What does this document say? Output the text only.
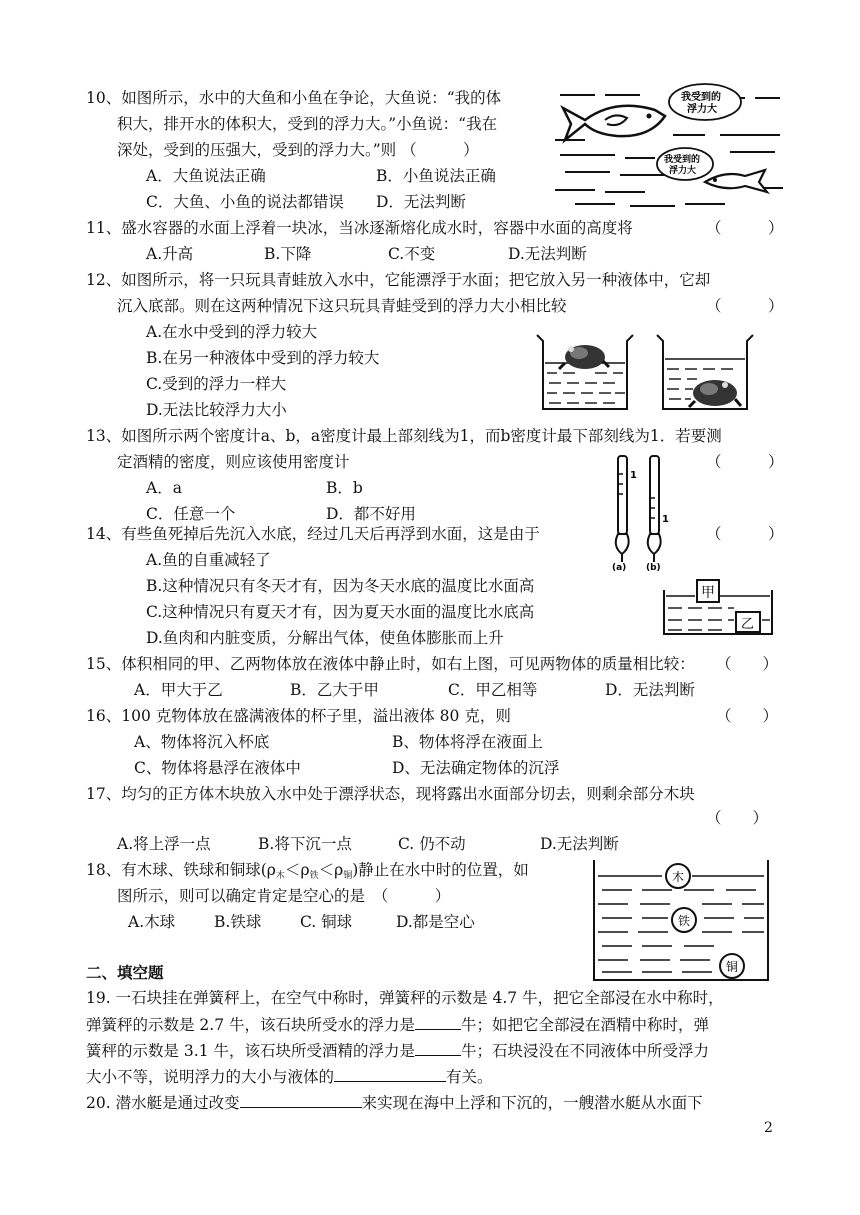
10、如图所示，水中的大鱼和小鱼在争论，大鱼说：“我的体
积大，排开水的体积大，受到的浮力大。”小鱼说：“我在
深处，受到的压强大，受到的浮力大。”则 （　　　）
A．大鱼说法正确	B．小鱼说法正确
C．大鱼、小鱼的说法都错误 D．无法判断
我受到的
浮力大
我受到的
浮力大
11、盛水容器的水面上浮着一块冰，当冰逐渐熔化成水时，容器中水面的高度将	（　　　）
A.升高	B.下降	C.不变	D.无法判断
12、如图所示，将一只玩具青蛙放入水中，它能漂浮于水面；把它放入另一种液体中，它却
沉入底部。则在这两种情况下这只玩具青蛙受到的浮力大小相比较	（　　　）
A.在水中受到的浮力较大
B.在另一种液体中受到的浮力较大
C.受到的浮力一样大
D.无法比较浮力大小
13、如图所示两个密度计a、b，a密度计最上部刻线为1，而b密度计最下部刻线为1．若要测
定酒精的密度，则应该使用密度计	（　　　）
A．a	B．b
C．任意一个	D．都不好用
1
1
(a) (b)
14、有些鱼死掉后先沉入水底，经过几天后再浮到水面，这是由于	（　　　）
A.鱼的自重减轻了
B.这种情况只有冬天才有，因为冬天水底的温度比水面高
C.这种情况只有夏天才有，因为夏天水面的温度比水底高
D.鱼肉和内脏变质，分解出气体，使鱼体膨胀而上升
甲
乙
15、体积相同的甲、乙两物体放在液体中静止时，如右上图，可见两物体的质量相比较： （　　）
A．甲大于乙	B．乙大于甲	C．甲乙相等	D．无法判断
16、100 克物体放在盛满液体的杯子里，溢出液体 80 克，则	（　　）
A、物体将沉入杯底	B、物体将浮在液面上
C、物体将悬浮在液体中	D、无法确定物体的沉浮
17、均匀的正方体木块放入水中处于漂浮状态，现将露出水面部分切去，则剩余部分木块
（　　）
A.将上浮一点	B.将下沉一点	C. 仍不动	D.无法判断
18、有木球、铁球和铜球$(\rho_木<\rho_铁<\rho_铜)$静止在水中时的位置，如
图所示，则可以确定肯定是空心的是　（　　　）
A.木球	B.铁球 C. 铜球	D.都是空心
木
铁
铜
二、填空题
19. 一石块挂在弹簧秤上，在空气中称时，弹簧秤的示数是 4.7 牛，把它全部浸在水中称时，
弹簧秤的示数是 2.7 牛，该石块所受水的浮力是	牛；如把它全部浸在酒精中称时，弹
簧秤的示数是 3.1 牛，该石块所受酒精的浮力是	牛；石块浸没在不同液体中所受浮力
大小不等，说明浮力的大小与液体的	有关。
20. 潜水艇是通过改变	来实现在海中上浮和下沉的，一艘潜水艇从水面下
2
